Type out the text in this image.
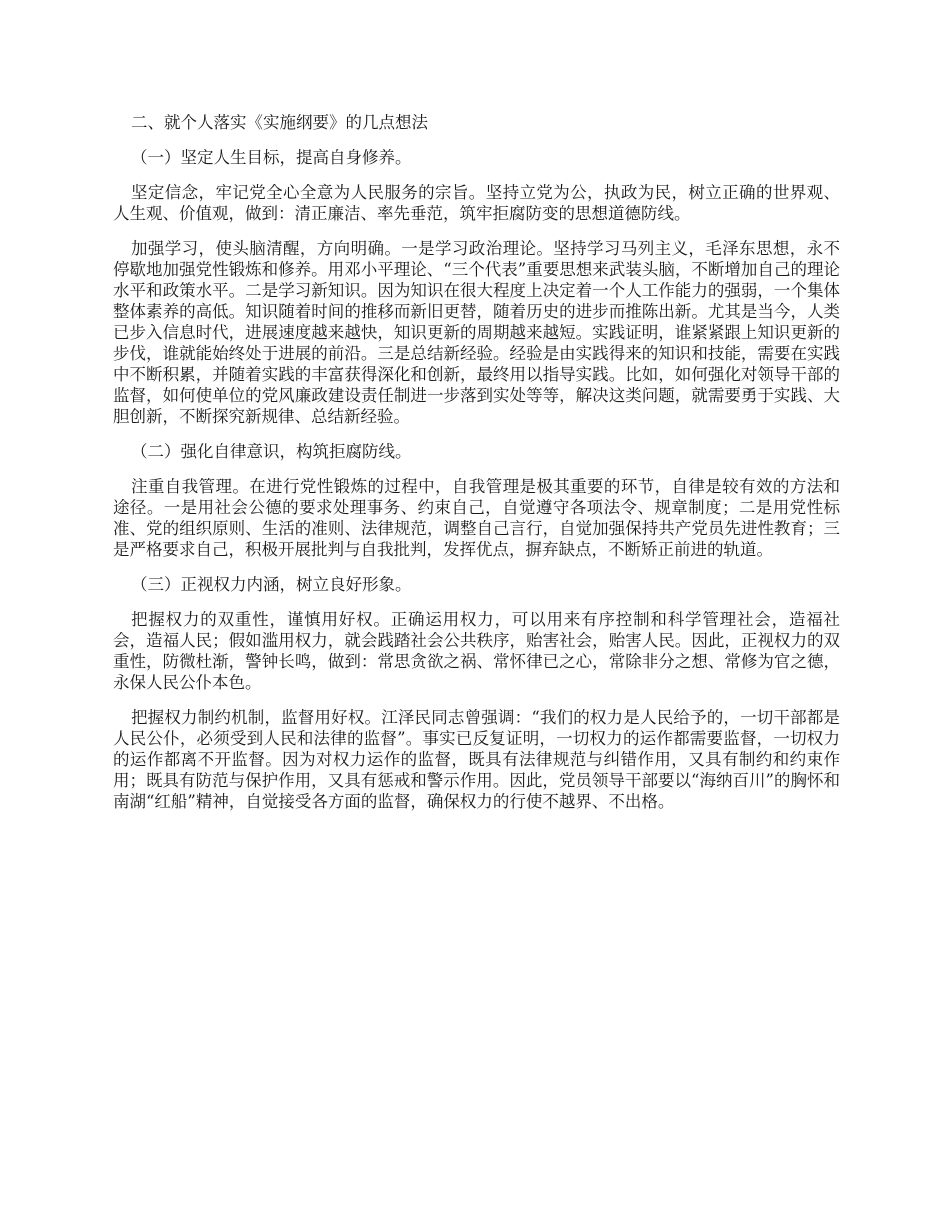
二、就个人落实《实施纲要》的几点想法

（一）坚定人生目标，提高自身修养。

坚定信念，牢记党全心全意为人民服务的宗旨。坚持立党为公，执政为民，树立正确的世界观、人生观、价值观，做到：清正廉洁、率先垂范，筑牢拒腐防变的思想道德防线。

加强学习，使头脑清醒，方向明确。一是学习政治理论。坚持学习马列主义，毛泽东思想，永不停歇地加强党性锻炼和修养。用邓小平理论、“三个代表”重要思想来武装头脑，不断增加自己的理论水平和政策水平。二是学习新知识。因为知识在很大程度上决定着一个人工作能力的强弱，一个集体整体素养的高低。知识随着时间的推移而新旧更替，随着历史的进步而推陈出新。尤其是当今，人类已步入信息时代，进展速度越来越快，知识更新的周期越来越短。实践证明，谁紧紧跟上知识更新的步伐，谁就能始终处于进展的前沿。三是总结新经验。经验是由实践得来的知识和技能，需要在实践中不断积累，并随着实践的丰富获得深化和创新，最终用以指导实践。比如，如何强化对领导干部的监督，如何使单位的党风廉政建设责任制进一步落到实处等等，解决这类问题，就需要勇于实践、大胆创新，不断探究新规律、总结新经验。

（二）强化自律意识，构筑拒腐防线。

注重自我管理。在进行党性锻炼的过程中，自我管理是极其重要的环节，自律是较有效的方法和途径。一是用社会公德的要求处理事务、约束自己，自觉遵守各项法令、规章制度；二是用党性标准、党的组织原则、生活的准则、法律规范，调整自己言行，自觉加强保持共产党员先进性教育；三是严格要求自己，积极开展批判与自我批判，发挥优点，摒弃缺点，不断矫正前进的轨道。

（三）正视权力内涵，树立良好形象。

把握权力的双重性，谨慎用好权。正确运用权力，可以用来有序控制和科学管理社会，造福社会，造福人民；假如滥用权力，就会践踏社会公共秩序，贻害社会，贻害人民。因此，正视权力的双重性，防微杜渐，警钟长鸣，做到：常思贪欲之祸、常怀律已之心，常除非分之想、常修为官之德，永保人民公仆本色。

把握权力制约机制，监督用好权。江泽民同志曾强调：“我们的权力是人民给予的，一切干部都是人民公仆，必须受到人民和法律的监督”。事实已反复证明，一切权力的运作都需要监督，一切权力的运作都离不开监督。因为对权力运作的监督，既具有法律规范与纠错作用，又具有制约和约束作用；既具有防范与保护作用，又具有惩戒和警示作用。因此，党员领导干部要以“海纳百川”的胸怀和南湖“红船”精神，自觉接受各方面的监督，确保权力的行使不越界、不出格。
